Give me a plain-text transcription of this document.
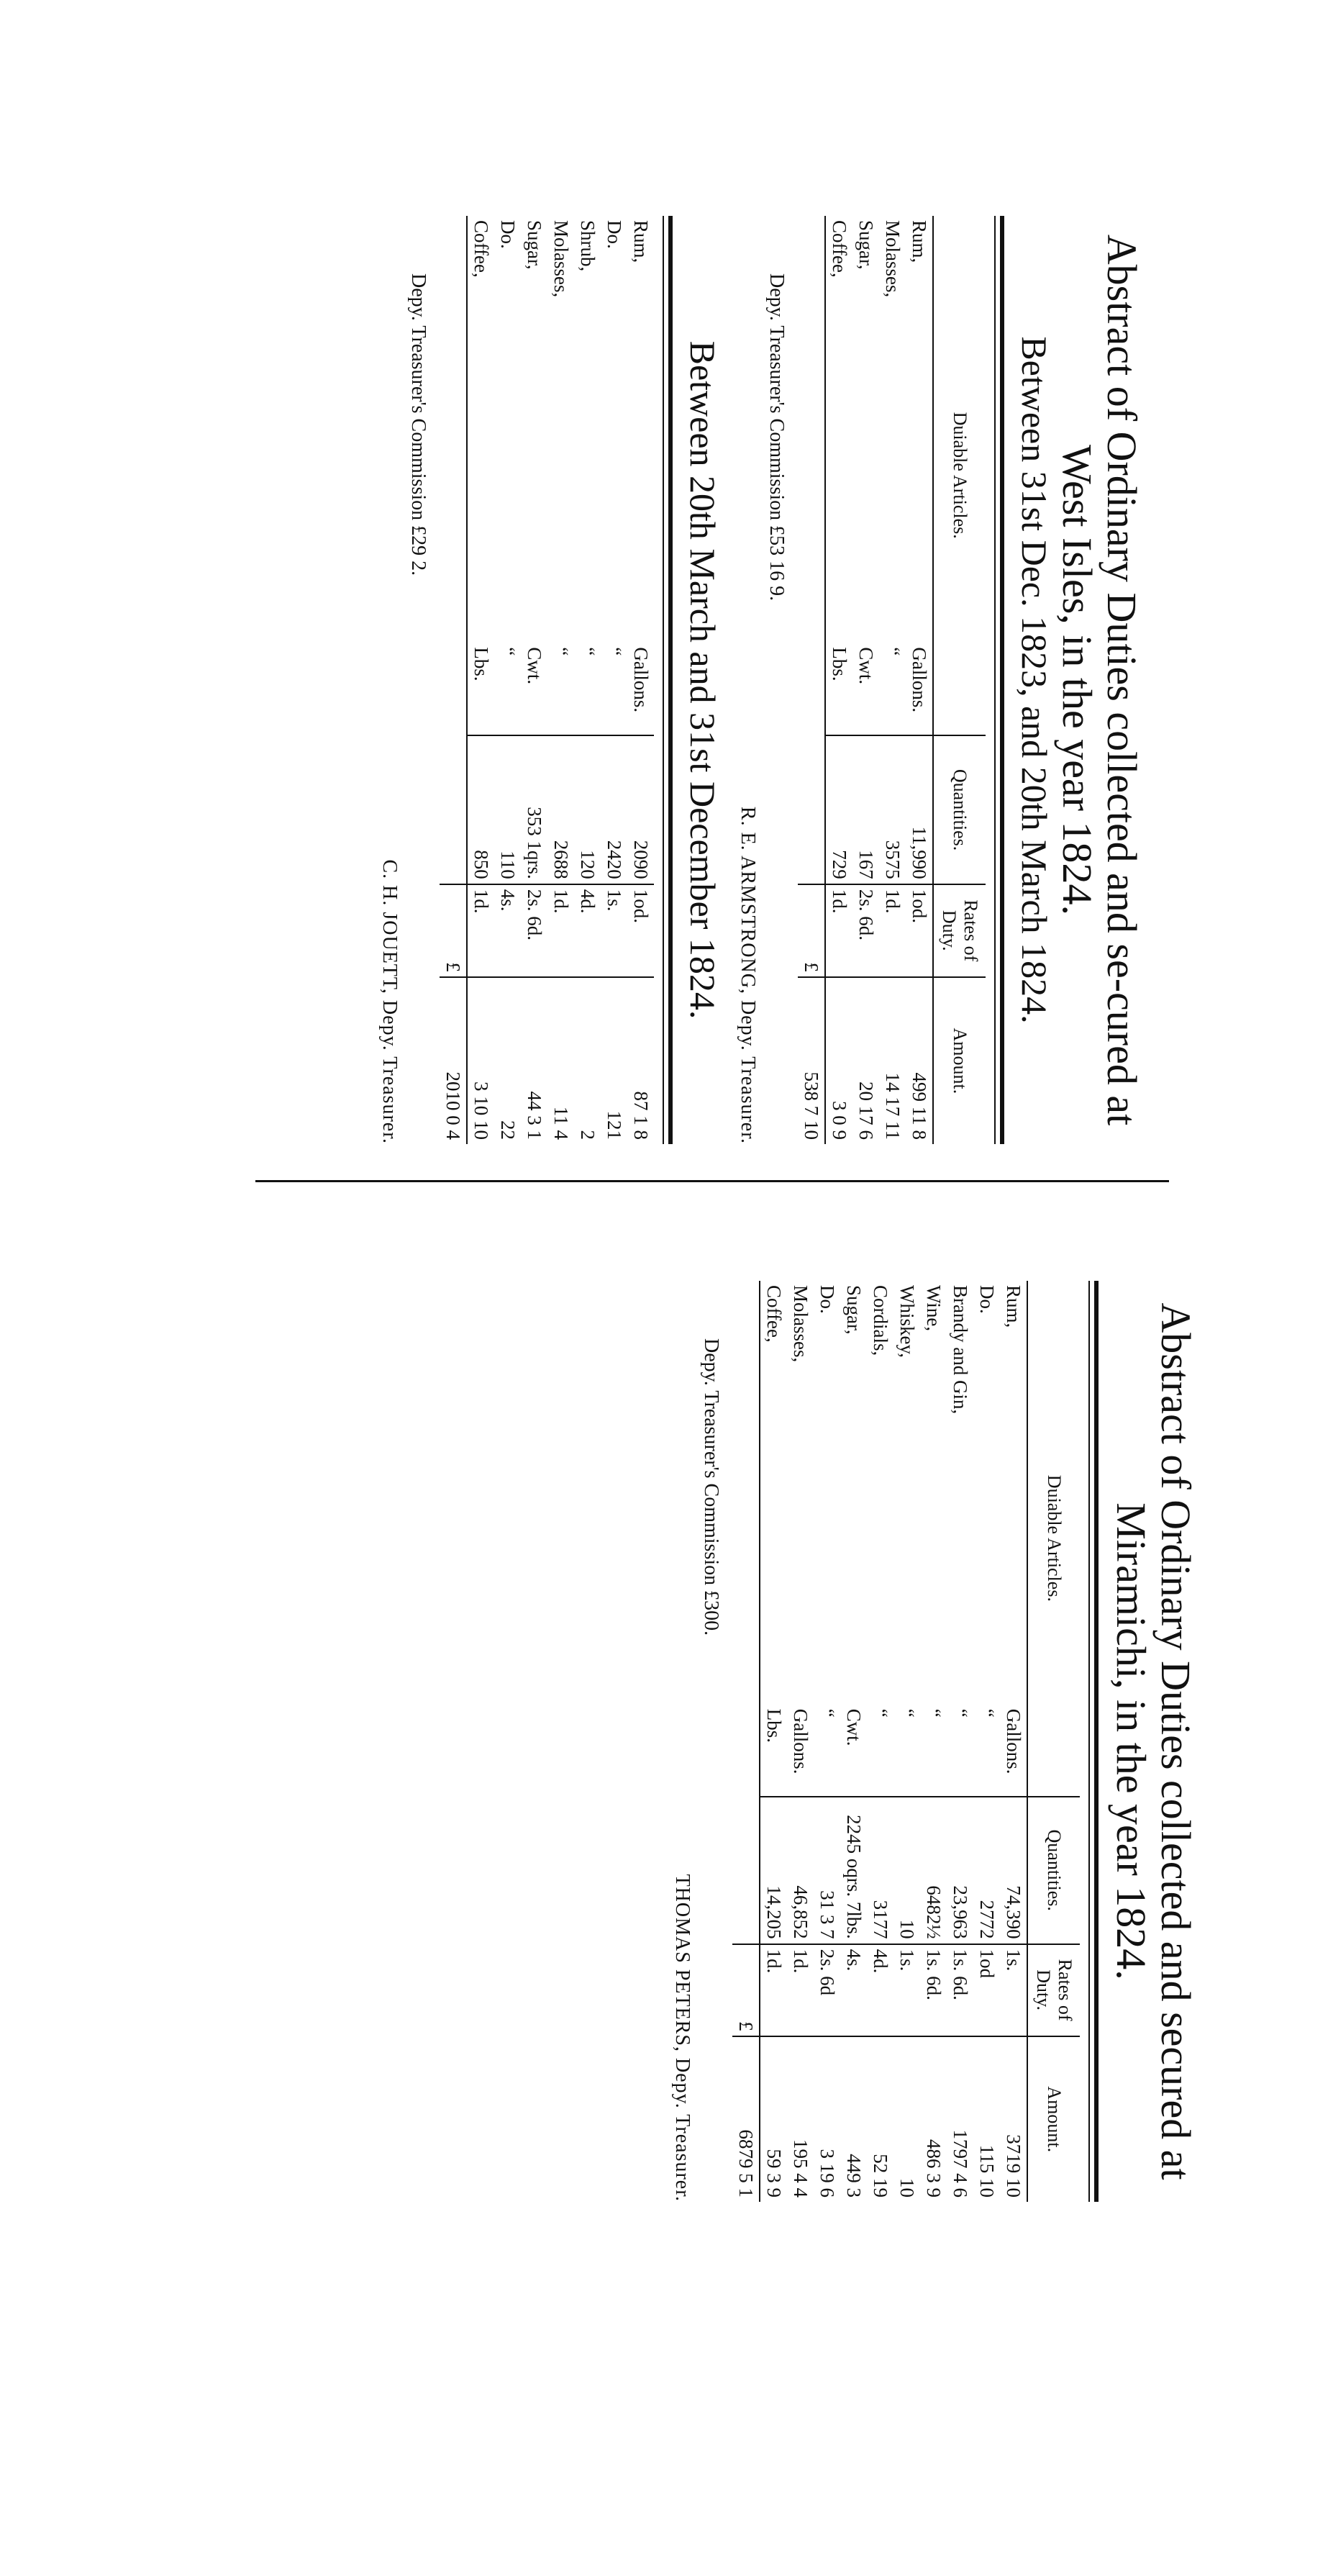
Abstract of Ordinary Duties collected and se-cured at West Isles, in the year 1824.
Between 31st Dec. 1823, and 20th March 1824.
Duiable Articles.		Quantities.	Rates of Duty.	Amount.
Rum,	Gallons.	11,990	1od.	499 11 8
Molasses,	“	3575	1d.	14 17 11
Sugar,	Cwt.	167	2s. 6d.	20 17 6
Coffee,	Lbs.	729	1d.	3 0 9
			£	538 7 10
Depy. Treasurer's Commission £53 16 9.
R. E. ARMSTRONG, Depy. Treasurer.
Between 20th March and 31st December 1824.
Rum,	Gallons.	2090	1od.	87 1 8
Do.	“	2420	1s.	121
Shrub,	“	120	4d.	2
Molasses,	“	2688	1d.	11 4
Sugar,	Cwt.	353 1qrs.	2s. 6d.	44 3 1
Do.	“	110	4s.	22
Coffee,	Lbs.	850	1d.	3 10 10
			£	2010 0 4
Depy. Treasurer's Commission £29 2.
C. H. JOUETT, Depy. Treasurer.
Abstract of Ordinary Duties collected and secured at Miramichi, in the year 1824.
Duiable Articles.		Quantities.	Rates of Duty.	Amount.
Rum,	Gallons.	74,390	1s.	3719 10
Do.	“	2772	1od	115 10
Brandy and Gin,	“	23,963	1s. 6d.	1797 4 6
Wine,	“	6482½	1s. 6d.	486 3 9
Whiskey,	“	10	1s.	10
Cordials,	“	3177	4d.	52 19
Sugar,	Cwt.	2245 oqrs. 7lbs.	4s.	449 3
Do.	“	31 3 7	2s. 6d	3 19 6
Molasses,	Gallons.	46,852	1d.	195 4 4
Coffee,	Lbs.	14,205	1d.	59 3 9
			£	6879 5 1
Depy. Treasurer's Commission £300.
THOMAS PETERS, Depy. Treasurer.
